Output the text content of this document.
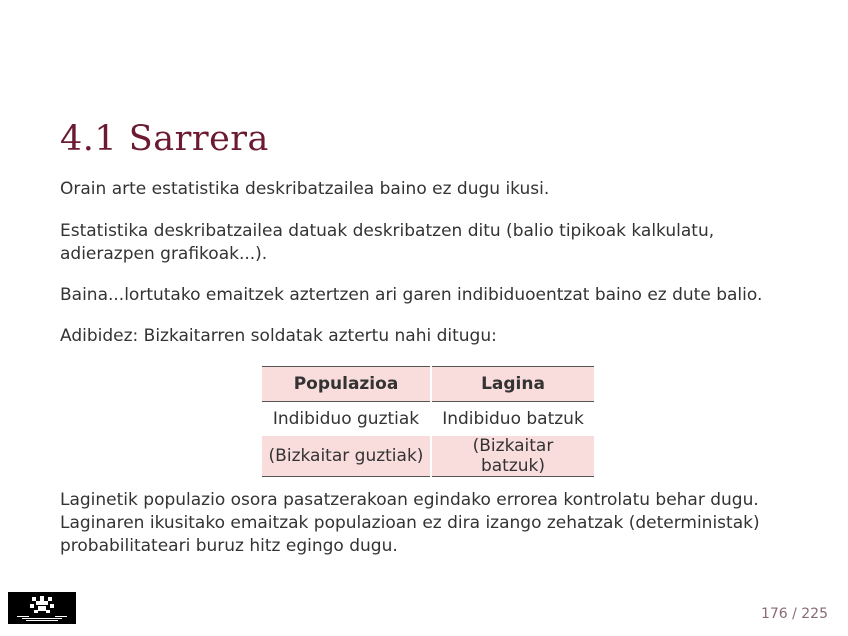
4.1 Sarrera

Orain arte estatistika deskribatzailea baino ez dugu ikusi.

Estatistika deskribatzailea datuak deskribatzen ditu (balio tipikoak kalkulatu, adierazpen grafikoak...).

Baina...lortutako emaitzek aztertzen ari garen indibiduoentzat baino ez dute balio.

Adibidez: Bizkaitarren soldatak aztertu nahi ditugu:

Populazioa	Lagina
Indibiduo guztiak	Indibiduo batzuk
(Bizkaitar guztiak)	(Bizkaitar batzuk)

Laginetik populazio osora pasatzerakoan egindako errorea kontrolatu behar dugu.
Laginaren ikusitako emaitzak populazioan ez dira izango zehatzak (deterministak)
probabilitateari buruz hitz egingo dugu.

176 / 225
